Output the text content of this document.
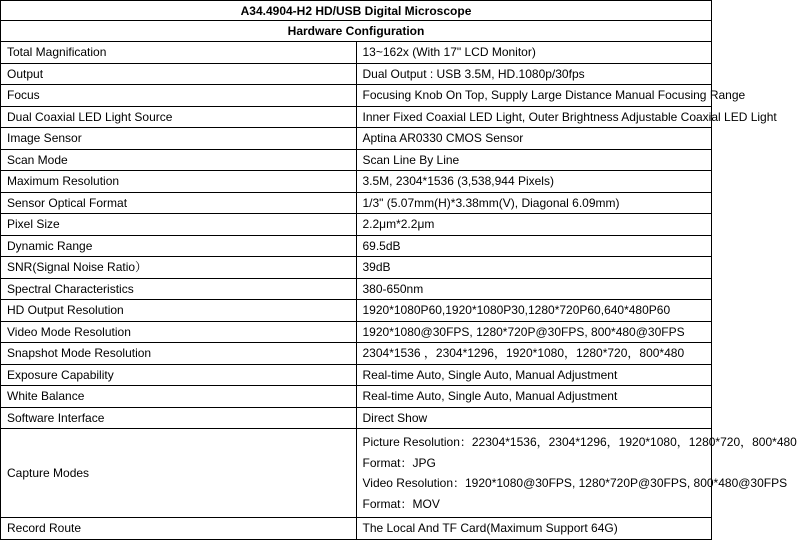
A34.4904-H2 HD/USB Digital Microscope	
Hardware Configuration	
Total Magnification	13~162x (With 17" LCD Monitor)
Output	Dual Output : USB 3.5M, HD.1080p/30fps
Focus	Focusing Knob On Top, Supply Large Distance Manual Focusing Range
Dual Coaxial LED Light Source	Inner Fixed Coaxial LED Light, Outer Brightness Adjustable Coaxial LED Light
Image Sensor	Aptina AR0330 CMOS Sensor
Scan Mode	Scan Line By Line
Maximum Resolution	3.5M, 2304*1536 (3,538,944 Pixels)
Sensor Optical Format	1/3" (5.07mm(H)*3.38mm(V), Diagonal 6.09mm)
Pixel Size	2.2μm*2.2μm
Dynamic Range	69.5dB
SNR(Signal Noise Ratio）	39dB
Spectral Characteristics	380-650nm
HD Output Resolution	1920*1080P60,1920*1080P30,1280*720P60,640*480P60
Video Mode Resolution	1920*1080@30FPS, 1280*720P@30FPS, 800*480@30FPS
Snapshot Mode Resolution	2304*1536 ，2304*1296，1920*1080，1280*720，800*480
Exposure Capability	Real-time Auto, Single Auto, Manual Adjustment
White Balance	Real-time Auto, Single Auto, Manual Adjustment
Software Interface	Direct Show
Capture Modes	Picture Resolution：22304*1536，2304*1296，1920*1080，1280*720，800*480
Format：JPG
Video Resolution：1920*1080@30FPS, 1280*720P@30FPS, 800*480@30FPS
Format：MOV

Record Route	The Local And TF Card(Maximum Support 64G)
